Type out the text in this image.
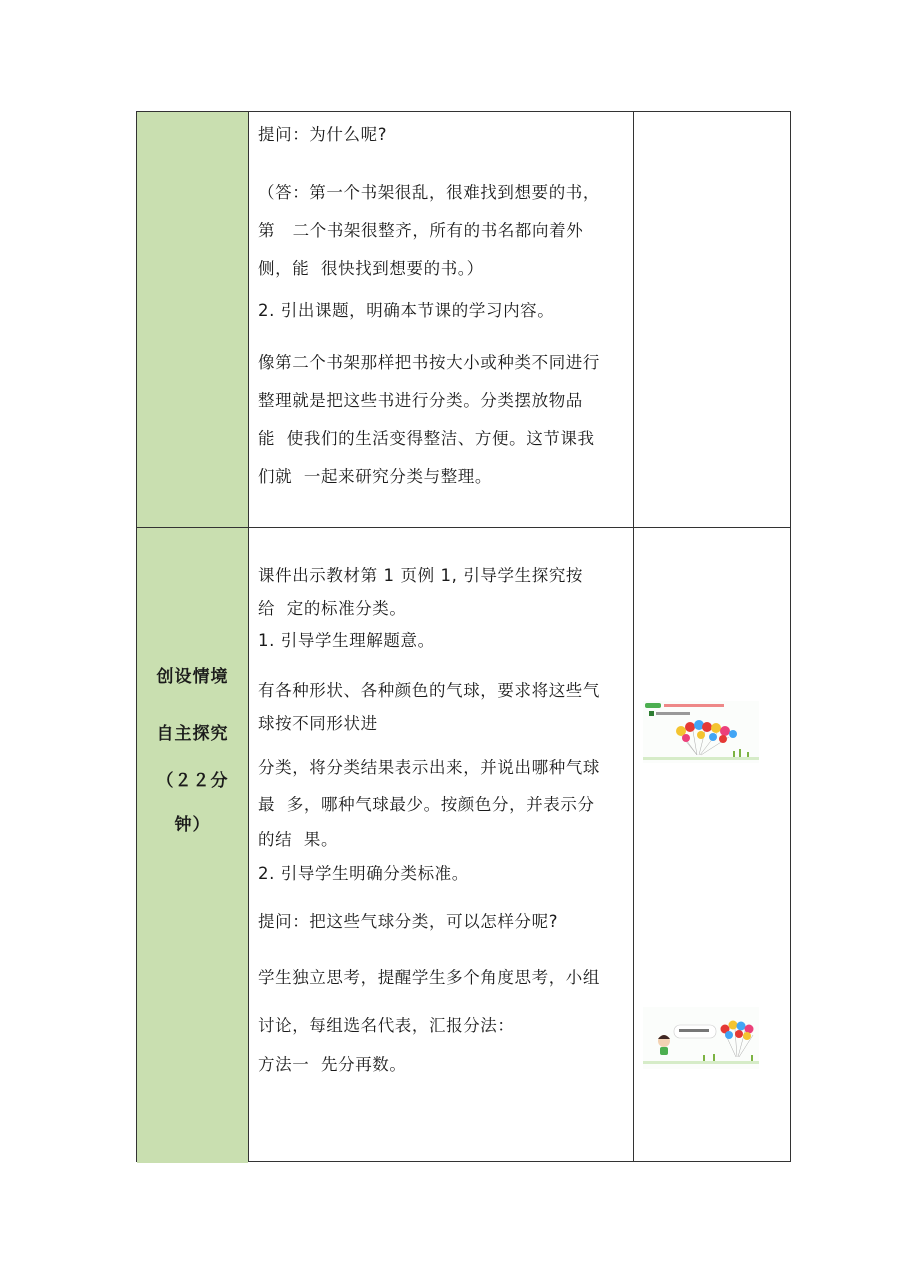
提问：为什么呢?
（答：第一个书架很乱，很难找到想要的书，
第   二个书架很整齐，所有的书名都向着外
侧，能  很快找到想要的书。）
2. 引出课题，明确本节课的学习内容。
像第二个书架那样把书按大小或种类不同进行
整理就是把这些书进行分类。分类摆放物品
能  使我们的生活变得整洁、方便。这节课我
们就  一起来研究分类与整理。
创设情境
自主探究
（２２分
钟）
课件出示教材第 1 页例 1, 引导学生探究按
给  定的标准分类。
1. 引导学生理解题意。
有各种形状、各种颜色的气球，要求将这些气
球按不同形状进
分类，将分类结果表示出来，并说出哪种气球
最  多，哪种气球最少。按颜色分，并表示分
的结  果。
2. 引导学生明确分类标准。
提问：把这些气球分类，可以怎样分呢?
学生独立思考，提醒学生多个角度思考，小组
讨论，每组选名代表，汇报分法：
方法一  先分再数。
